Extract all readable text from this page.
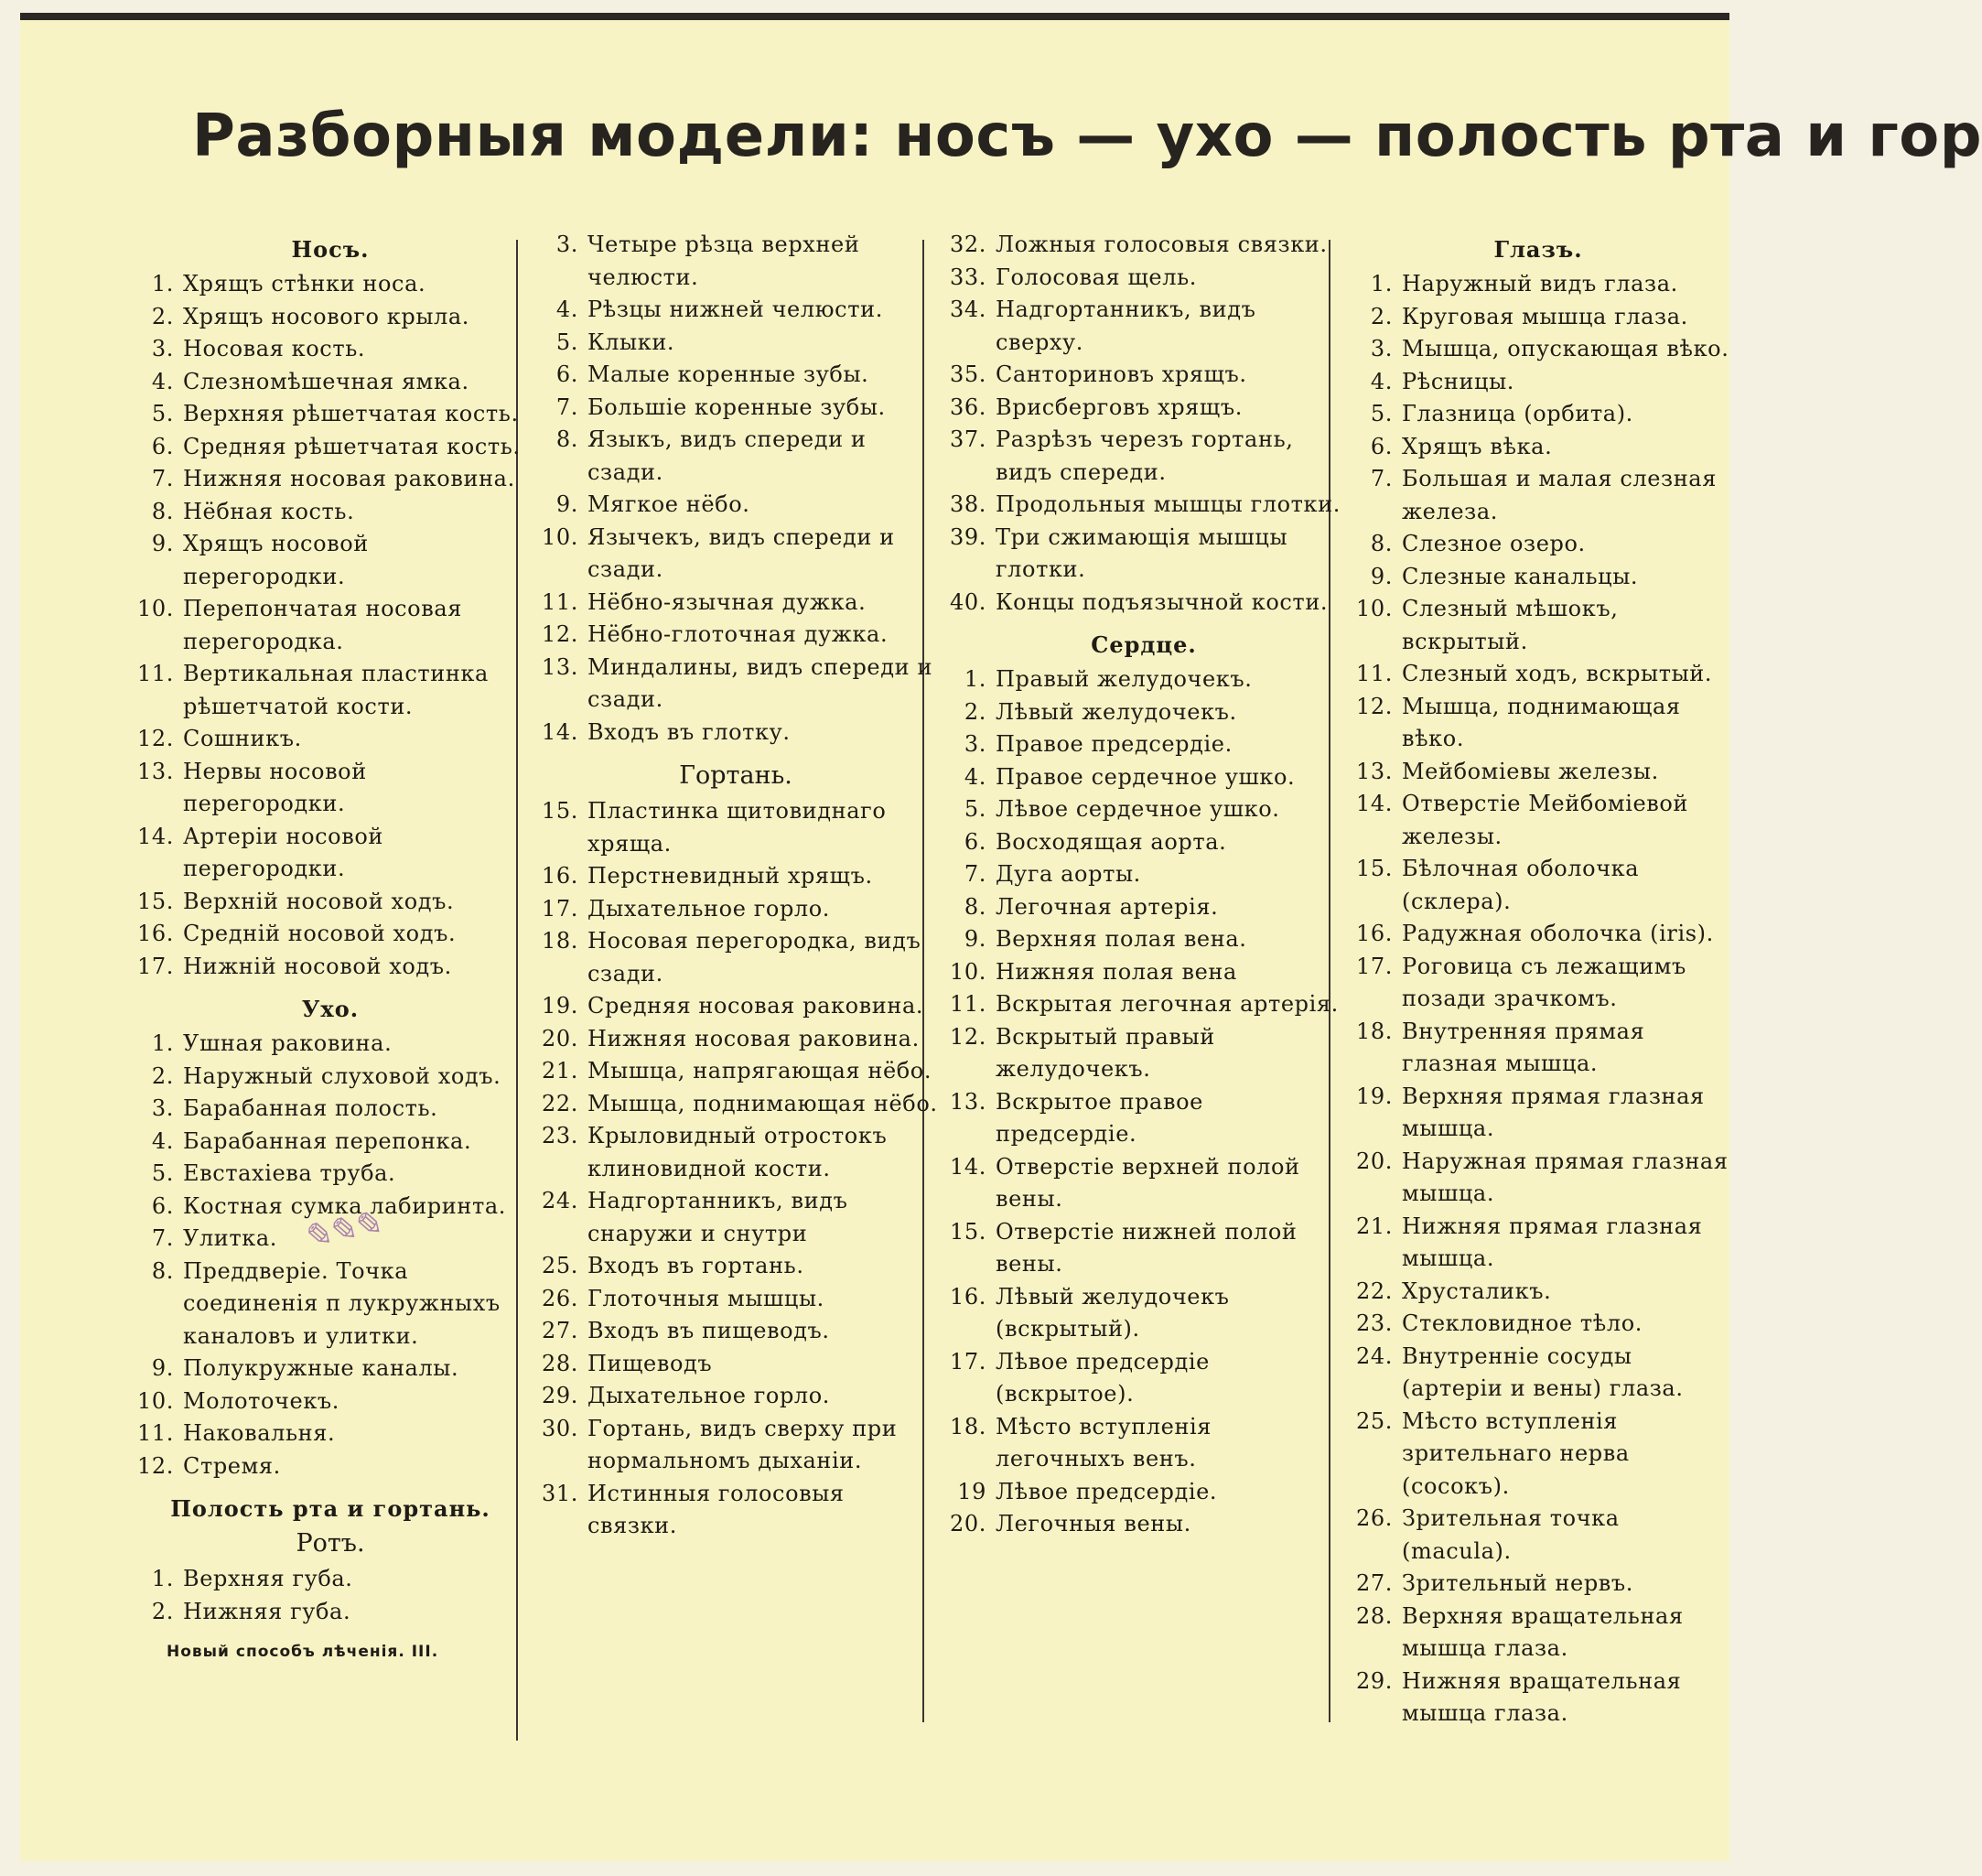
Разборныя модели: носъ — ухо — полость рта и гор
Носъ.
1. Хрящъ стѣнки носа.
2. Хрящъ носового крыла.
3. Носовая кость.
4. Слезномѣшечная ямка.
5. Верхняя рѣшетчатая кость.
6. Средняя рѣшетчатая кость.
7. Нижняя носовая раковина.
8. Нёбная кость.
9. Хрящъ носовой перегородки.
10. Перепончатая носовая перегородка.
11. Вертикальная пластинка рѣшетчатой кости.
12. Сошникъ.
13. Нервы носовой перегородки.
14. Артеріи носовой перегородки.
15. Верхній носовой ходъ.
16. Средній носовой ходъ.
17. Нижній носовой ходъ.
Ухо.
1. Ушная раковина.
2. Наружный слуховой ходъ.
3. Барабанная полость.
4. Барабанная перепонка.
5. Евстахіева труба.
6. Костная сумка лабиринта.
7. Улитка.
8. Преддверіе. Точка соединенія п лукружныхъ каналовъ и улитки.
9. Полукружные каналы.
10. Молоточекъ.
11. Наковальня.
12. Стремя.
Полость рта и гортань.
Ротъ.
1. Верхняя губа.
2. Нижняя губа.
Новый способъ лѣченія. III.
3. Четыре рѣзца верхней челюсти.
4. Рѣзцы нижней челюсти.
5. Клыки.
6. Малые коренные зубы.
7. Большіе коренные зубы.
8. Языкъ, видъ спереди и сзади.
9. Мягкое нёбо.
10. Язычекъ, видъ спереди и сзади.
11. Нёбно-язычная дужка.
12. Нёбно-глоточная дужка.
13. Миндалины, видъ спереди и сзади.
14. Входъ въ глотку.
Гортань.
15. Пластинка щитовиднаго хряща.
16. Перстневидный хрящъ.
17. Дыхательное горло.
18. Носовая перегородка, видъ сзади.
19. Средняя носовая раковина.
20. Нижняя носовая раковина.
21. Мышца, напрягающая нёбо.
22. Мышца, поднимающая нёбо.
23. Крыловидный отростокъ клиновидной кости.
24. Надгортанникъ, видъ снаружи и снутри
25. Входъ въ гортань.
26. Глоточныя мышцы.
27. Входъ въ пищеводъ.
28. Пищеводъ
29. Дыхательное горло.
30. Гортань, видъ сверху при нормальномъ дыханіи.
31. Истинныя голосовыя связки.
32. Ложныя голосовыя связки.
33. Голосовая щель.
34. Надгортанникъ, видъ сверху.
35. Санториновъ хрящъ.
36. Врисберговъ хрящъ.
37. Разрѣзъ черезъ гортань, видъ спереди.
38. Продольныя мышцы глотки.
39. Три сжимающія мышцы глотки.
40. Концы подъязычной кости.
Сердце.
1. Правый желудочекъ.
2. Лѣвый желудочекъ.
3. Правое предсердіе.
4. Правое сердечное ушко.
5. Лѣвое сердечное ушко.
6. Восходящая аорта.
7. Дуга аорты.
8. Легочная артерія.
9. Верхняя полая вена.
10. Нижняя полая вена
11. Вскрытая легочная артерія.
12. Вскрытый правый желудочекъ.
13. Вскрытое правое предсердіе.
14. Отверстіе верхней полой вены.
15. Отверстіе нижней полой вены.
16. Лѣвый желудочекъ (вскрытый).
17. Лѣвое предсердіе (вскрытое).
18. Мѣсто вступленія легочныхъ венъ.
19 Лѣвое предсердіе.
20. Легочныя вены.
Глазъ.
1. Наружный видъ глаза.
2. Круговая мышца глаза.
3. Мышца, опускающая вѣко.
4. Рѣсницы.
5. Глазница (орбита).
6. Хрящъ вѣка.
7. Большая и малая слезная железа.
8. Слезное озеро.
9. Слезные канальцы.
10. Слезный мѣшокъ, вскрытый.
11. Слезный ходъ, вскрытый.
12. Мышца, поднимающая вѣко.
13. Мейбоміевы железы.
14. Отверстіе Мейбоміевой железы.
15. Бѣлочная оболочка (склера).
16. Радужная оболочка (iris).
17. Роговица съ лежащимъ позади зрачкомъ.
18. Внутренняя прямая глазная мышца.
19. Верхняя прямая глазная мышца.
20. Наружная прямая глазная мышца.
21. Нижняя прямая глазная мышца.
22. Хрусталикъ.
23. Стекловидное тѣло.
24. Внутренніе сосуды (артеріи и вены) глаза.
25. Мѣсто вступленія зрительнаго нерва (сосокъ).
26. Зрительная точка (macula).
27. Зрительный нервъ.
28. Верхняя вращательная мышца глаза.
29. Нижняя вращательная мышца глаза.
✎✎✎
